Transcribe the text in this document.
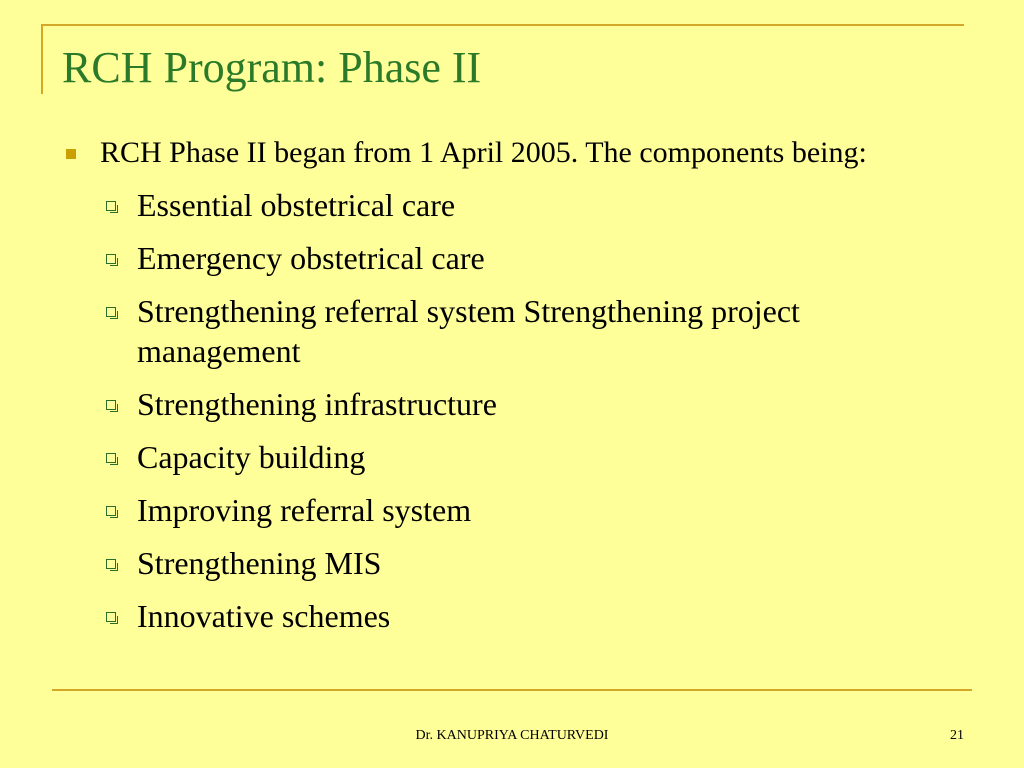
RCH Program: Phase II
RCH Phase II began from 1 April 2005. The components being:
Essential obstetrical care
Emergency obstetrical care
Strengthening referral system Strengthening project management
Strengthening infrastructure
Capacity building
Improving referral system
Strengthening MIS
Innovative schemes
Dr. KANUPRIYA CHATURVEDI	21
